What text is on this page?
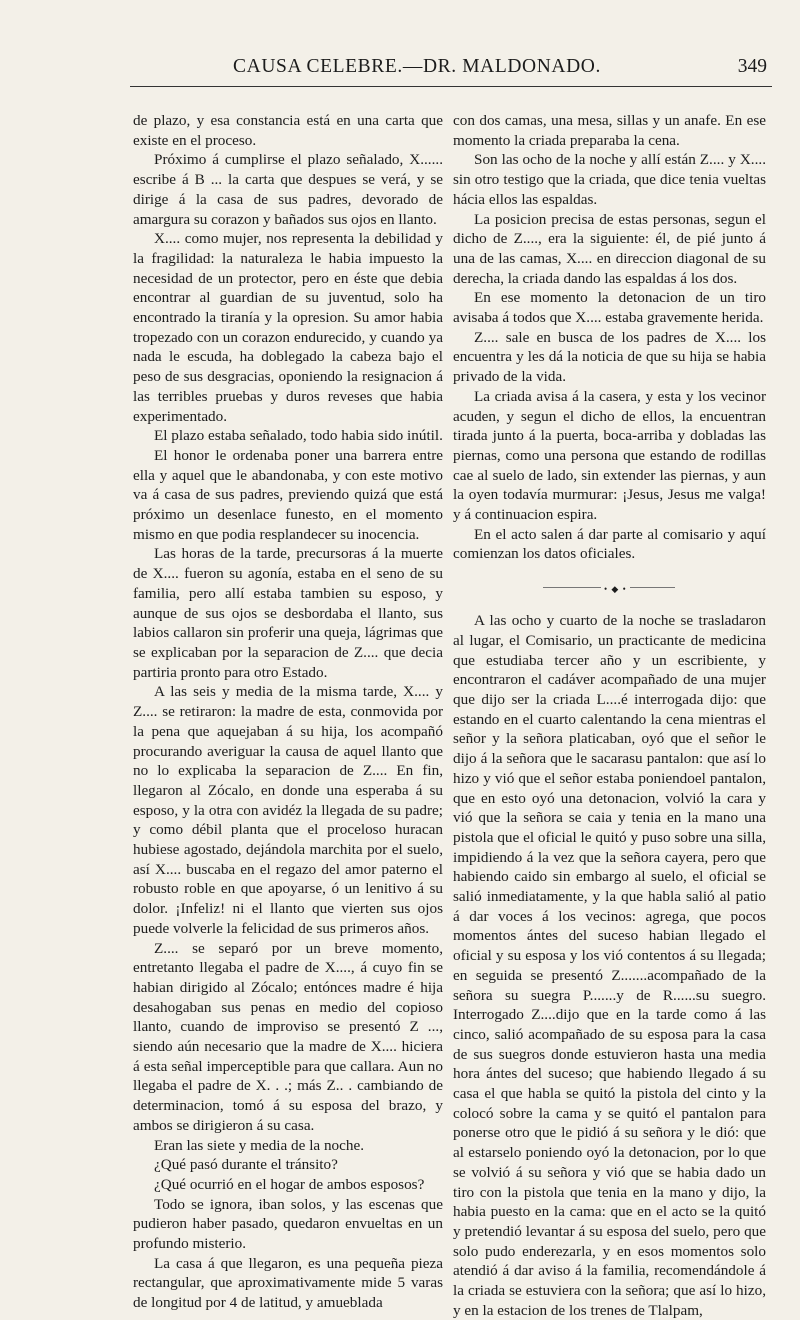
CAUSA CELEBRE.—DR. MALDONADO.	349

de plazo, y esa constancia está en una carta que existe en el proceso.

Próximo á cumplirse el plazo señalado, X...... escribe á B ... la carta que despues se verá, y se dirige á la casa de sus padres, devorado de amargura su corazon y bañados sus ojos en llanto.

X.... como mujer, nos representa la debilidad y la fragilidad: la naturaleza le habia impuesto la necesidad de un protector, pero en éste que debia encontrar al guardian de su juventud, solo ha encontrado la tiranía y la opresion. Su amor habia tropezado con un corazon endurecido, y cuando ya nada le escuda, ha doblegado la cabeza bajo el peso de sus desgracias, oponiendo la resignacion á las terribles pruebas y duros reveses que habia experimentado.

El plazo estaba señalado, todo habia sido inútil.

El honor le ordenaba poner una barrera entre ella y aquel que le abandonaba, y con este motivo va á casa de sus padres, previendo quizá que está próximo un desenlace funesto, en el momento mismo en que podia resplandecer su inocencia.

Las horas de la tarde, precursoras á la muerte de X.... fueron su agonía, estaba en el seno de su familia, pero allí estaba tambien su esposo, y aunque de sus ojos se desbordaba el llanto, sus labios callaron sin proferir una queja, lágrimas que se explicaban por la separacion de Z.... que decia partiria pronto para otro Estado.

A las seis y media de la misma tarde, X.... y Z.... se retiraron: la madre de esta, conmovida por la pena que aquejaban á su hija, los acompañó procurando averiguar la causa de aquel llanto que no lo explicaba la separacion de Z.... En fin, llegaron al Zócalo, en donde una esperaba á su esposo, y la otra con avidéz la llegada de su padre; y como débil planta que el proceloso huracan hubiese agostado, dejándola marchita por el suelo, así X.... buscaba en el regazo del amor paterno el robusto roble en que apoyarse, ó un lenitivo á su dolor. ¡Infeliz! ni el llanto que vierten sus ojos puede volverle la felicidad de sus primeros años.

Z.... se separó por un breve momento, entretanto llegaba el padre de X...., á cuyo fin se habian dirigido al Zócalo; entónces madre é hija desahogaban sus penas en medio del copioso llanto, cuando de improviso se presentó Z ..., siendo aún necesario que la madre de X.... hiciera á esta señal imperceptible para que callara. Aun no llegaba el padre de X. . .; más Z.. . cambiando de determinacion, tomó á su esposa del brazo, y ambos se dirigieron á su casa.

Eran las siete y media de la noche.

¿Qué pasó durante el tránsito?

¿Qué ocurrió en el hogar de ambos esposos?

Todo se ignora, iban solos, y las escenas que pudieron haber pasado, quedaron envueltas en un profundo misterio.

La casa á que llegaron, es una pequeña pieza rectangular, que aproximativamente mide 5 varas de longitud por 4 de latitud, y amueblada

con dos camas, una mesa, sillas y un anafe. En ese momento la criada preparaba la cena.

Son las ocho de la noche y allí están Z.... y X.... sin otro testigo que la criada, que dice tenia vueltas hácia ellos las espaldas.

La posicion precisa de estas personas, segun el dicho de Z...., era la siguiente: él, de pié junto á una de las camas, X.... en direccion diagonal de su derecha, la criada dando las espaldas á los dos.

En ese momento la detonacion de un tiro avisaba á todos que X.... estaba gravemente herida.

Z.... sale en busca de los padres de X.... los encuentra y les dá la noticia de que su hija se habia privado de la vida.

La criada avisa á la casera, y esta y los vecinor acuden, y segun el dicho de ellos, la encuentran tirada junto á la puerta, boca-arriba y dobladas las piernas, como una persona que estando de rodillas cae al suelo de lado, sin extender las piernas, y aun la oyen todavía murmurar: ¡Jesus, Jesus me valga! y á continuacion espira.

En el acto salen á dar parte al comisario y aquí comienzan los datos oficiales.

• ◆ •

A las ocho y cuarto de la noche se trasladaron al lugar, el Comisario, un practicante de medicina que estudiaba tercer año y un escribiente, y encontraron el cadáver acompañado de una mujer que dijo ser la criada L....é interrogada dijo: que estando en el cuarto calentando la cena mientras el señor y la señora platicaban, oyó que el señor le dijo á la señora que le sacarasu pantalon: que así lo hizo y vió que el señor estaba poniendoel pantalon, que en esto oyó una detonacion, volvió la cara y vió que la señora se caia y tenia en la mano una pistola que el oficial le quitó y puso sobre una silla, impidiendo á la vez que la señora cayera, pero que habiendo caido sin embargo al suelo, el oficial se salió inmediatamente, y la que habla salió al patio á dar voces á los vecinos: agrega, que pocos momentos ántes del suceso habian llegado el oficial y su esposa y los vió contentos á su llegada; en seguida se presentó Z.......acompañado de la señora su suegra P.......y de R......su suegro. Interrogado Z....dijo que en la tarde como á las cinco, salió acompañado de su esposa para la casa de sus suegros donde estuvieron hasta una media hora ántes del suceso; que habiendo llegado á su casa el que habla se quitó la pistola del cinto y la colocó sobre la cama y se quitó el pantalon para ponerse otro que le pidió á su señora y le dió: que al estarselo poniendo oyó la detonacion, por lo que se volvió á su señora y vió que se habia dado un tiro con la pistola que tenia en la mano y dijo, la habia puesto en la cama: que en el acto se la quitó y pretendió levantar á su esposa del suelo, pero que solo pudo enderezarla, y en esos momentos solo atendió á dar aviso á la familia, recomendándole á la criada se estuviera con la señora; que así lo hizo, y en la estacion de los trenes de Tlalpam,
